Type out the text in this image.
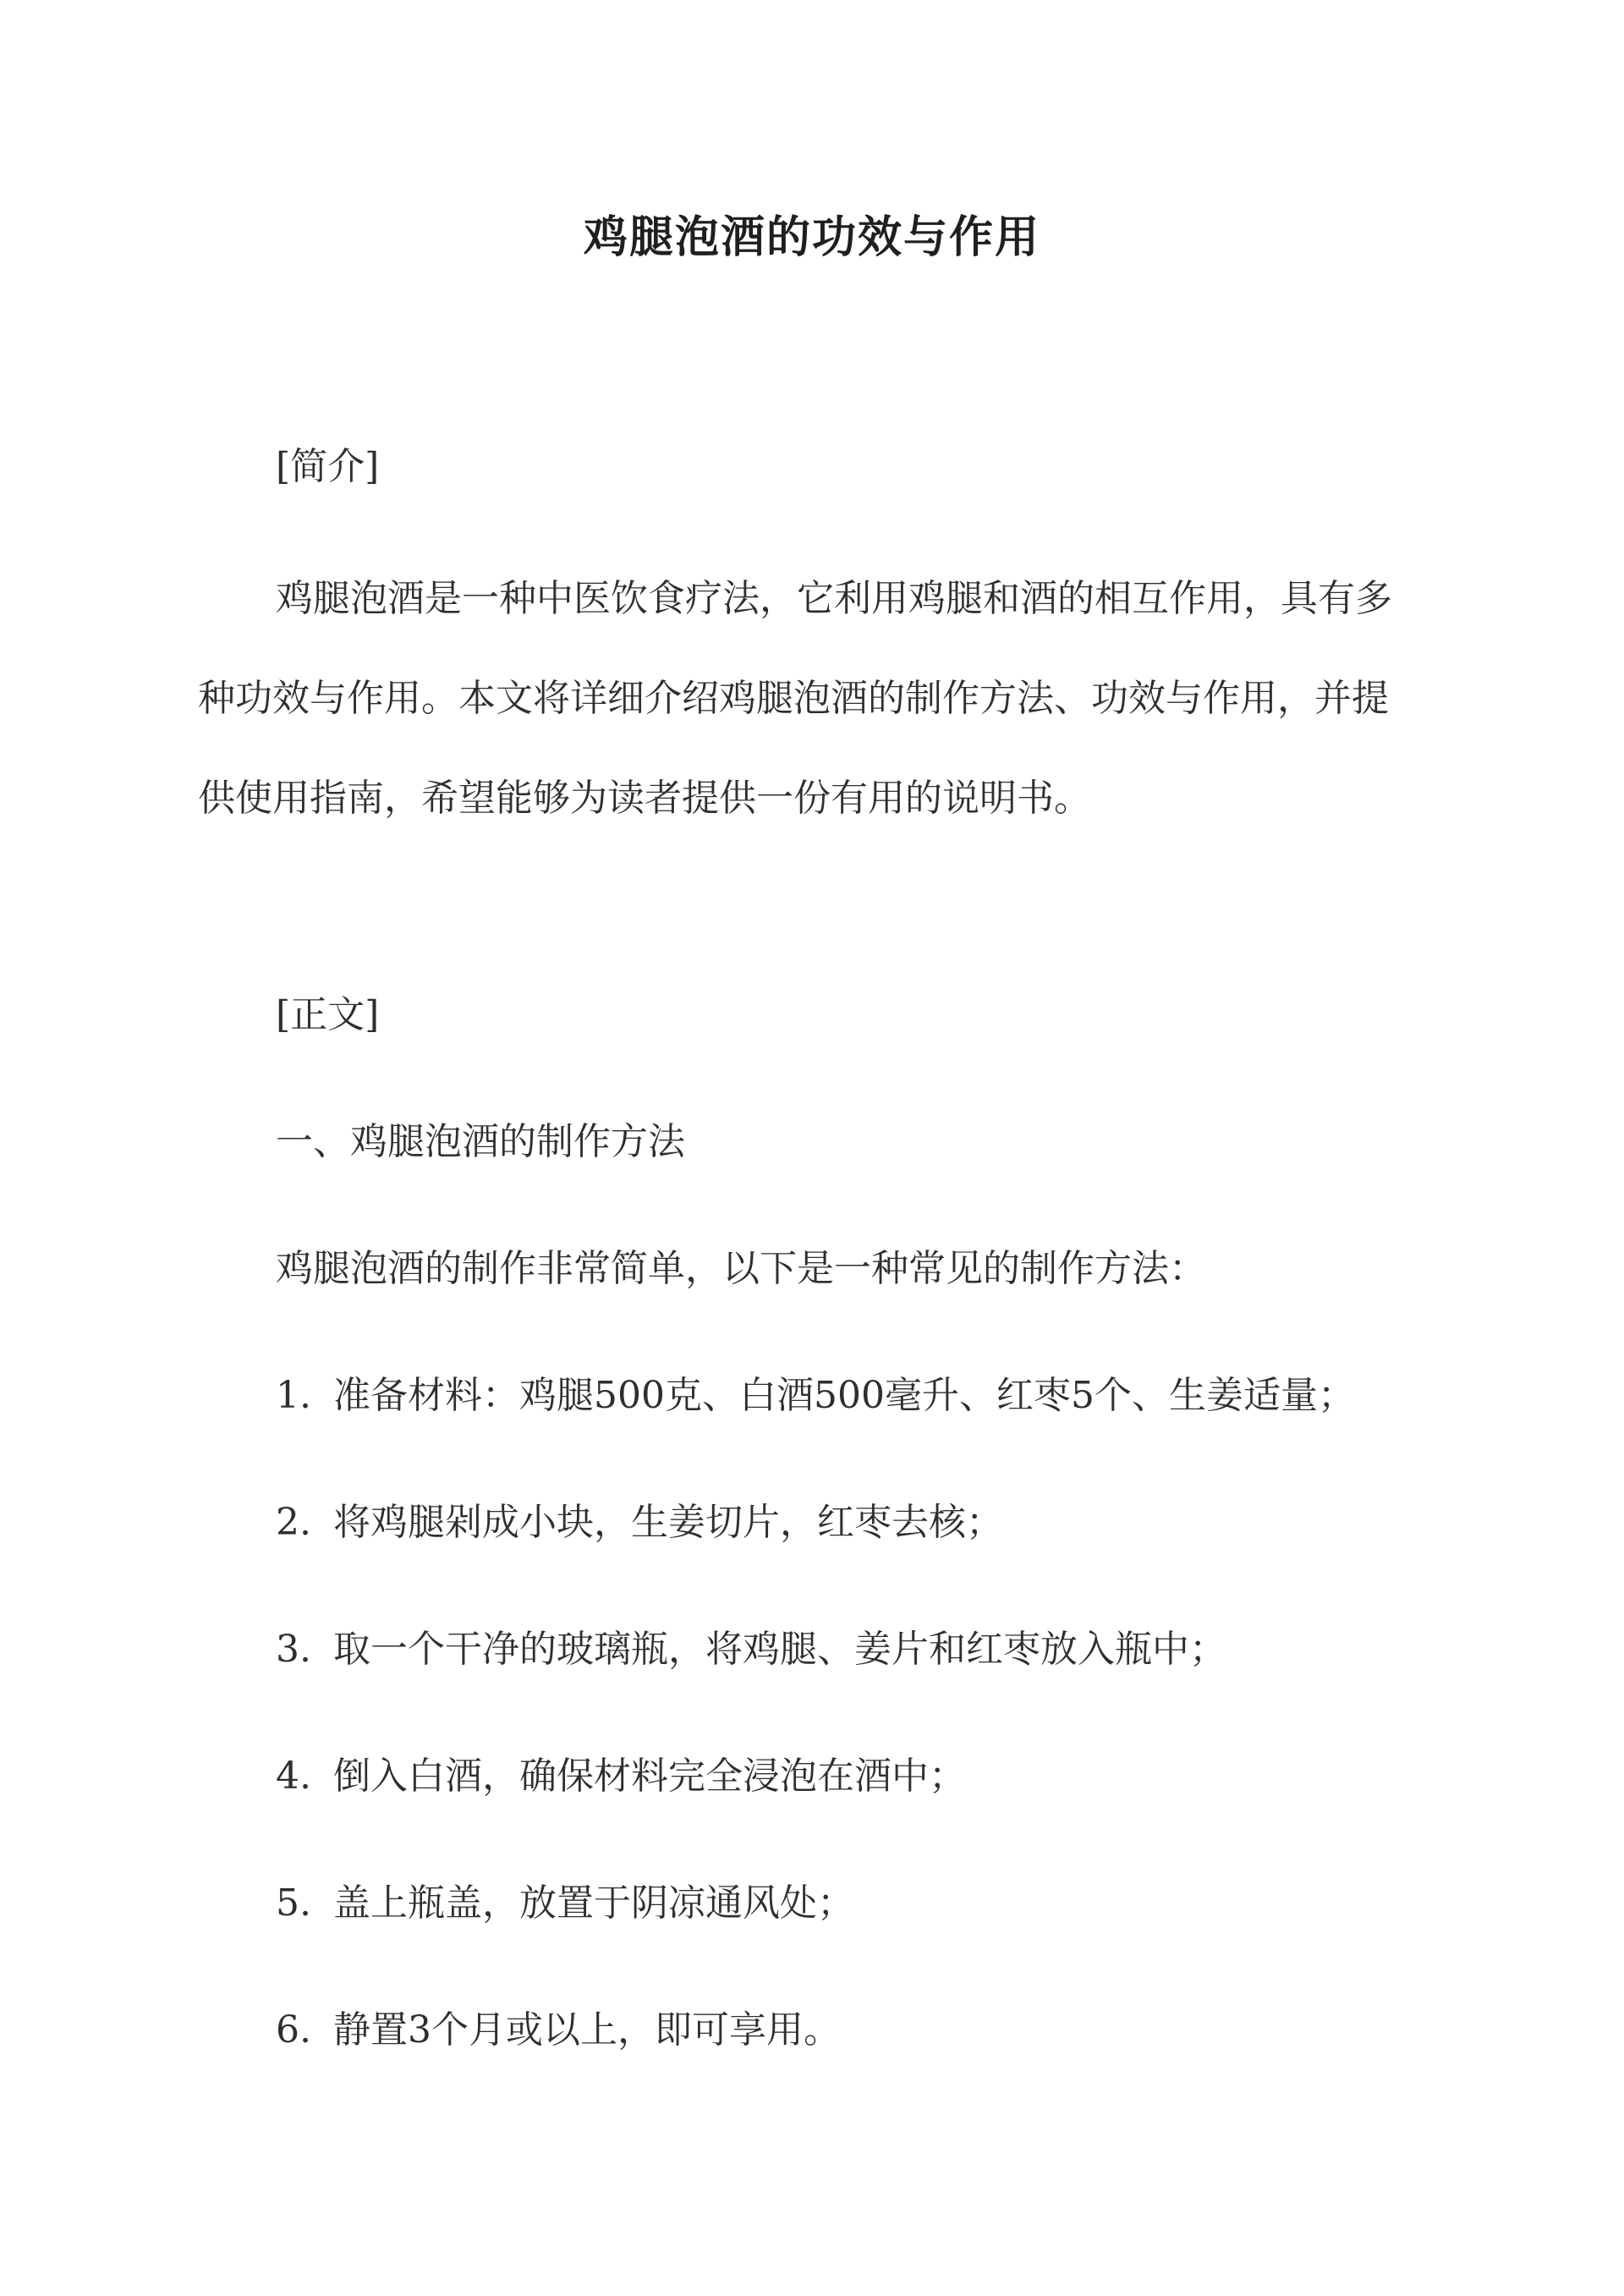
鸡腿泡酒的功效与作用
[简介]
鸡腿泡酒是一种中医饮食疗法，它利用鸡腿和酒的相互作用，具有多
种功效与作用。本文将详细介绍鸡腿泡酒的制作方法、功效与作用，并提
供使用指南，希望能够为读者提供一份有用的说明书。
[正文]
一、鸡腿泡酒的制作方法
鸡腿泡酒的制作非常简单，以下是一种常见的制作方法：
1. 准备材料：鸡腿500克、白酒500毫升、红枣5个、生姜适量；
2. 将鸡腿剁成小块，生姜切片，红枣去核；
3. 取一个干净的玻璃瓶，将鸡腿、姜片和红枣放入瓶中；
4. 倒入白酒，确保材料完全浸泡在酒中；
5. 盖上瓶盖，放置于阴凉通风处；
6. 静置3个月或以上，即可享用。
